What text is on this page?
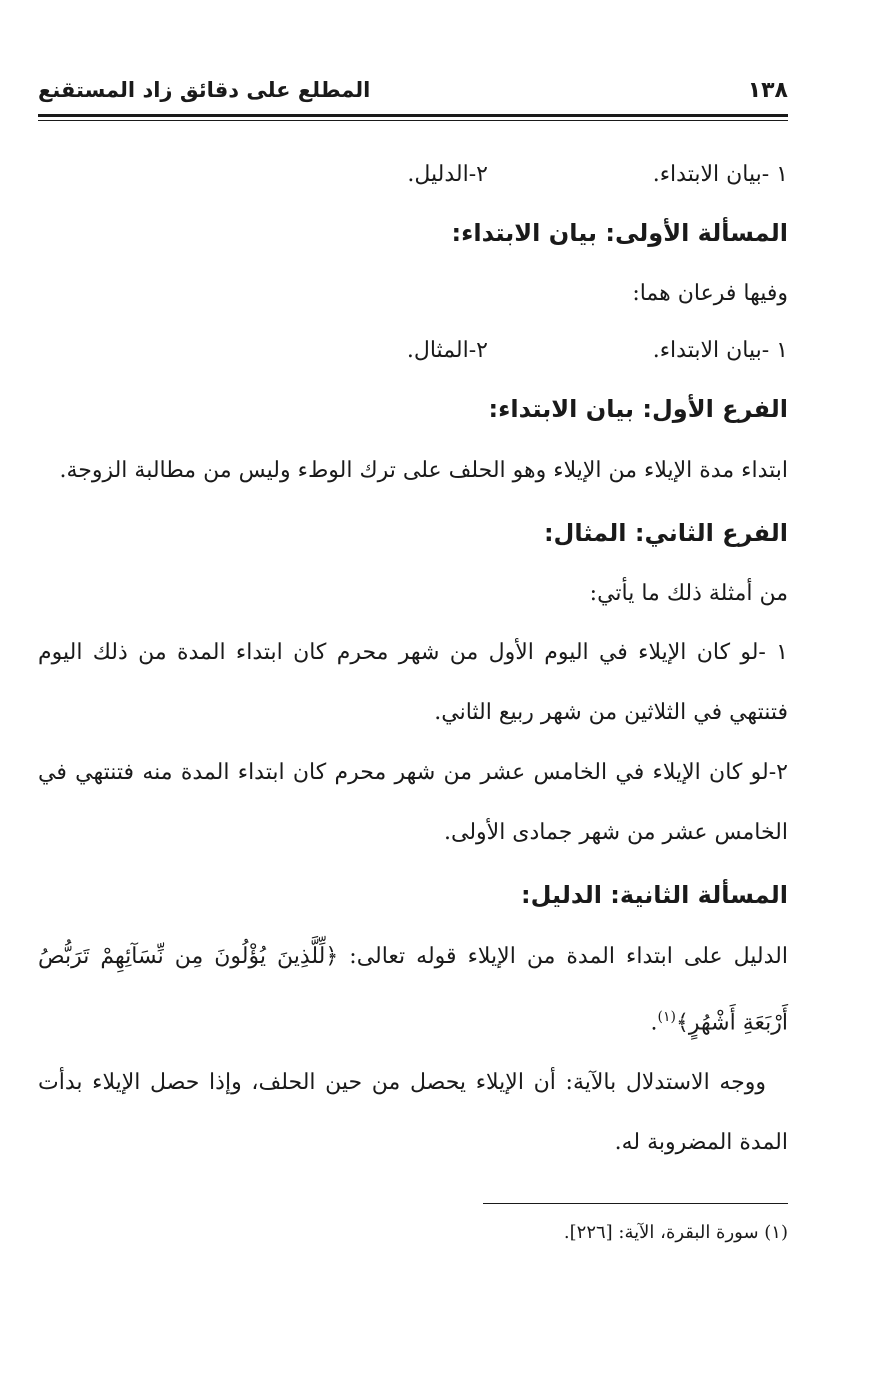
١٣٨
المطلع على دقائق زاد المستقنع
١ -بيان الابتداء.
٢-الدليل.
المسألة الأولى: بيان الابتداء:
وفيها فرعان هما:
١ -بيان الابتداء.
٢-المثال.
الفرع الأول: بيان الابتداء:

ابتداء مدة الإيلاء من الإيلاء وهو الحلف على ترك الوطء وليس من مطالبة الزوجة.

الفرع الثاني: المثال:
من أمثلة ذلك ما يأتي:

١ -لو كان الإيلاء في اليوم الأول من شهر محرم كان ابتداء المدة من ذلك اليوم فتنتهي في الثلاثين من شهر ربيع الثاني.

٢-لو كان الإيلاء في الخامس عشر من شهر محرم كان ابتداء المدة منه فتنتهي في الخامس عشر من شهر جمادى الأولى.

المسألة الثانية: الدليل:

الدليل على ابتداء المدة من الإيلاء قوله تعالى: ﴿لِّلَّذِينَ يُؤْلُونَ مِن نِّسَآئِهِمْ تَرَبُّصُ أَرْبَعَةِ أَشْهُرٍ﴾$^{(١)}$.

ووجه الاستدلال بالآية: أن الإيلاء يحصل من حين الحلف، وإذا حصل الإيلاء بدأت المدة المضروبة له.

(١) سورة البقرة، الآية: [٢٢٦].
